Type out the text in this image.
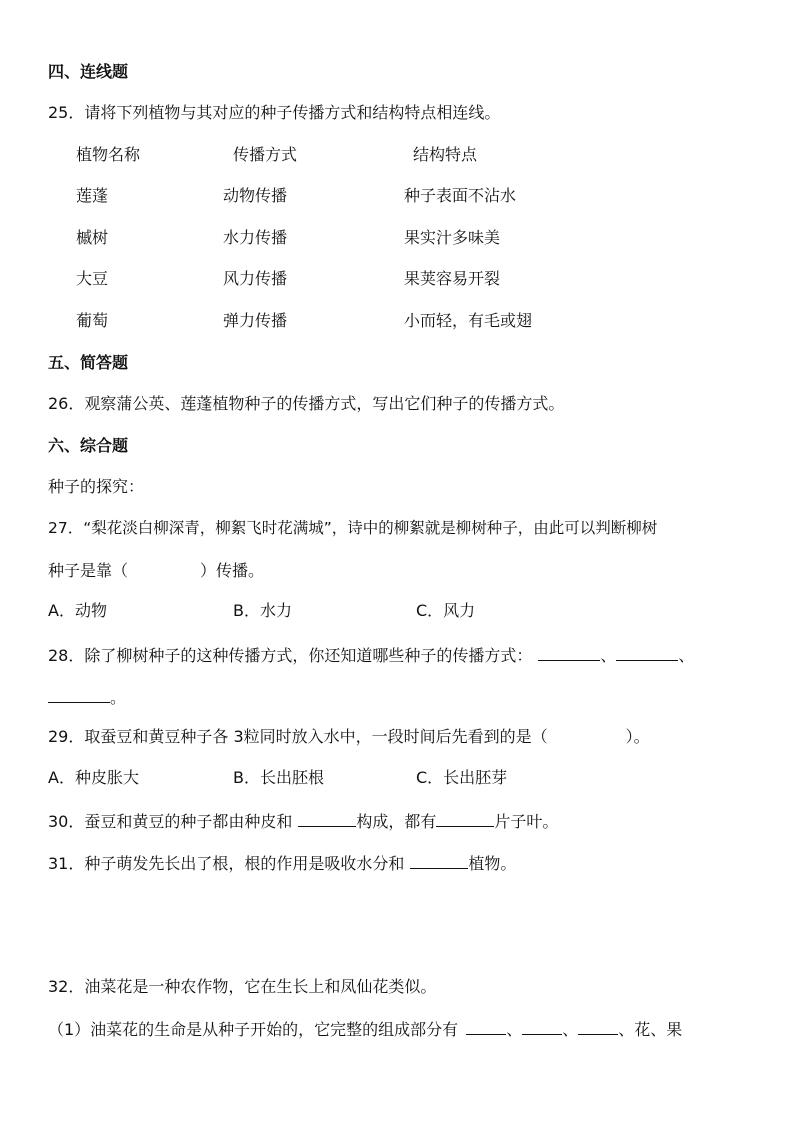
四、连线题
25．请将下列植物与其对应的种子传播方式和结构特点相连线。
植物名称	传播方式	结构特点
莲蓬	动物传播	种子表面不沾水
槭树	水力传播	果实汁多味美
大豆	风力传播	果荚容易开裂
葡萄	弹力传播	小而轻，有毛或翅
五、简答题
26．观察蒲公英、莲蓬植物种子的传播方式，写出它们种子的传播方式。
六、综合题
种子的探究：
27．“梨花淡白柳深青，柳絮飞时花满城”，诗中的柳絮就是柳树种子，由此可以判断柳树
种子是靠（	）传播。
A．动物	B．水力	C．风力
28．除了柳树种子的这种传播方式，你还知道哪些种子的传播方式：	、	、
。
29．取蚕豆和黄豆种子各 3粒同时放入水中，一段时间后先看到的是（	）。
A．种皮胀大	B．长出胚根	C．长出胚芽
30．蚕豆和黄豆的种子都由种皮和	构成，都有	片子叶。
31．种子萌发先长出了根，根的作用是吸收水分和	植物。
32．油菜花是一种农作物，它在生长上和凤仙花类似。
（1）油菜花的生命是从种子开始的，它完整的组成部分有	、	、	、花、果
